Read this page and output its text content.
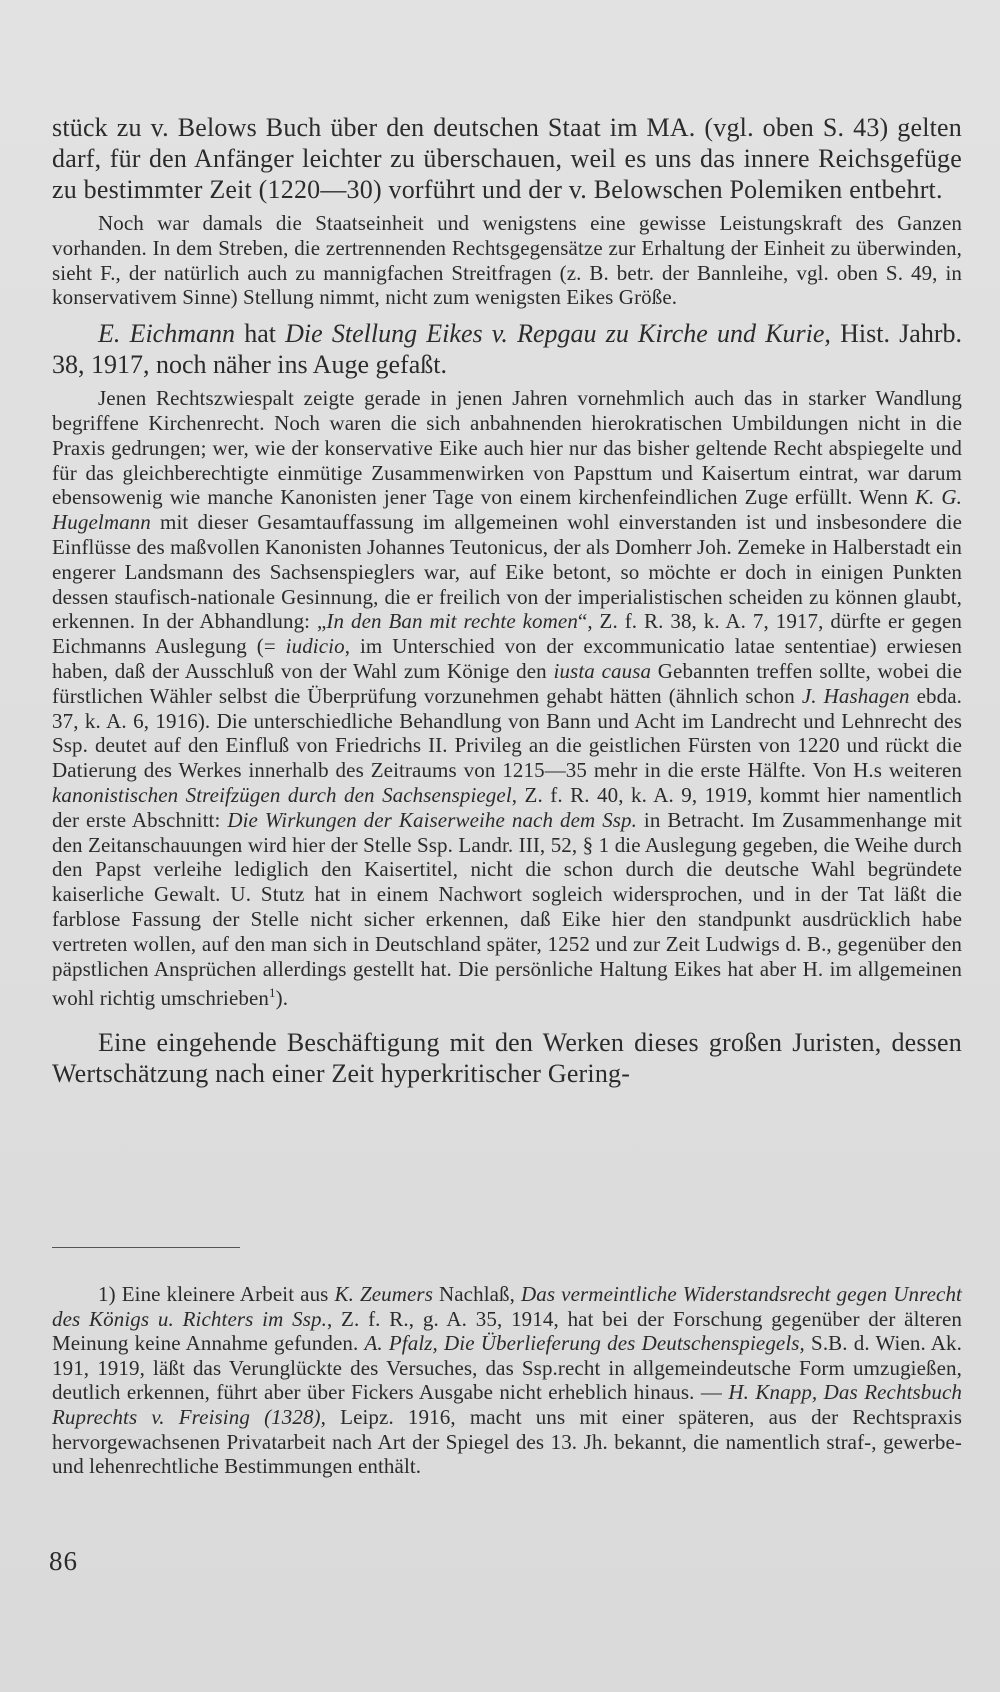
stück zu v. Belows Buch über den deutschen Staat im MA. (vgl. oben S. 43) gelten darf, für den Anfänger leichter zu überschauen, weil es uns das innere Reichsgefüge zu bestimmter Zeit (1220—30) vorführt und der v. Belowschen Polemiken entbehrt.

Noch war damals die Staatseinheit und wenigstens eine gewisse Leistungskraft des Ganzen vorhanden. In dem Streben, die zertrennenden Rechtsgegensätze zur Erhaltung der Einheit zu überwinden, sieht F., der natürlich auch zu mannigfachen Streitfragen (z. B. betr. der Bannleihe, vgl. oben S. 49, in konservativem Sinne) Stellung nimmt, nicht zum wenigsten Eikes Größe.

E. Eichmann hat Die Stellung Eikes v. Repgau zu Kirche und Kurie, Hist. Jahrb. 38, 1917, noch näher ins Auge gefaßt.

Jenen Rechtszwiespalt zeigte gerade in jenen Jahren vornehmlich auch das in starker Wandlung begriffene Kirchenrecht. Noch waren die sich anbahnenden hierokratischen Umbildungen nicht in die Praxis gedrungen; wer, wie der konservative Eike auch hier nur das bisher geltende Recht abspiegelte und für das gleichberechtigte einmütige Zusammenwirken von Papsttum und Kaisertum eintrat, war darum ebensowenig wie manche Kanonisten jener Tage von einem kirchenfeindlichen Zuge erfüllt. Wenn K. G. Hugelmann mit dieser Gesamtauffassung im allgemeinen wohl einverstanden ist und insbesondere die Einflüsse des maßvollen Kanonisten Johannes Teutonicus, der als Domherr Joh. Zemeke in Halberstadt ein engerer Landsmann des Sachsenspieglers war, auf Eike betont, so möchte er doch in einigen Punkten dessen staufisch-nationale Gesinnung, die er freilich von der imperialistischen scheiden zu können glaubt, erkennen. In der Abhandlung: „In den Ban mit rechte komen“, Z. f. R. 38, k. A. 7, 1917, dürfte er gegen Eichmanns Auslegung (= iudicio, im Unterschied von der excommunicatio latae sententiae) erwiesen haben, daß der Ausschluß von der Wahl zum Könige den iusta causa Gebannten treffen sollte, wobei die fürstlichen Wähler selbst die Überprüfung vorzunehmen gehabt hätten (ähnlich schon J. Hashagen ebda. 37, k. A. 6, 1916). Die unterschiedliche Behandlung von Bann und Acht im Landrecht und Lehnrecht des Ssp. deutet auf den Einfluß von Friedrichs II. Privileg an die geistlichen Fürsten von 1220 und rückt die Datierung des Werkes innerhalb des Zeitraums von 1215—35 mehr in die erste Hälfte. Von H.s weiteren kanonistischen Streifzügen durch den Sachsenspiegel, Z. f. R. 40, k. A. 9, 1919, kommt hier namentlich der erste Abschnitt: Die Wirkungen der Kaiserweihe nach dem Ssp. in Betracht. Im Zusammenhange mit den Zeitanschauungen wird hier der Stelle Ssp. Landr. III, 52, § 1 die Auslegung gegeben, die Weihe durch den Papst verleihe lediglich den Kaisertitel, nicht die schon durch die deutsche Wahl begründete kaiserliche Gewalt. U. Stutz hat in einem Nachwort sogleich widersprochen, und in der Tat läßt die farblose Fassung der Stelle nicht sicher erkennen, daß Eike hier den standpunkt ausdrücklich habe vertreten wollen, auf den man sich in Deutschland später, 1252 und zur Zeit Ludwigs d. B., gegenüber den päpstlichen Ansprüchen allerdings gestellt hat. Die persönliche Haltung Eikes hat aber H. im allgemeinen wohl richtig umschrieben$^1$).

Eine eingehende Beschäftigung mit den Werken dieses großen Juristen, dessen Wertschätzung nach einer Zeit hyperkritischer Gering-

1) Eine kleinere Arbeit aus K. Zeumers Nachlaß, Das vermeintliche Widerstandsrecht gegen Unrecht des Königs u. Richters im Ssp., Z. f. R., g. A. 35, 1914, hat bei der Forschung gegenüber der älteren Meinung keine Annahme gefunden. A. Pfalz, Die Überlieferung des Deutschenspiegels, S.B. d. Wien. Ak. 191, 1919, läßt das Verunglückte des Versuches, das Ssp.recht in allgemeindeutsche Form umzugießen, deutlich erkennen, führt aber über Fickers Ausgabe nicht erheblich hinaus. — H. Knapp, Das Rechtsbuch Ruprechts v. Freising (1328), Leipz. 1916, macht uns mit einer späteren, aus der Rechtspraxis hervorgewachsenen Privatarbeit nach Art der Spiegel des 13. Jh. bekannt, die namentlich straf-, gewerbe- und lehenrechtliche Bestimmungen enthält.

86
